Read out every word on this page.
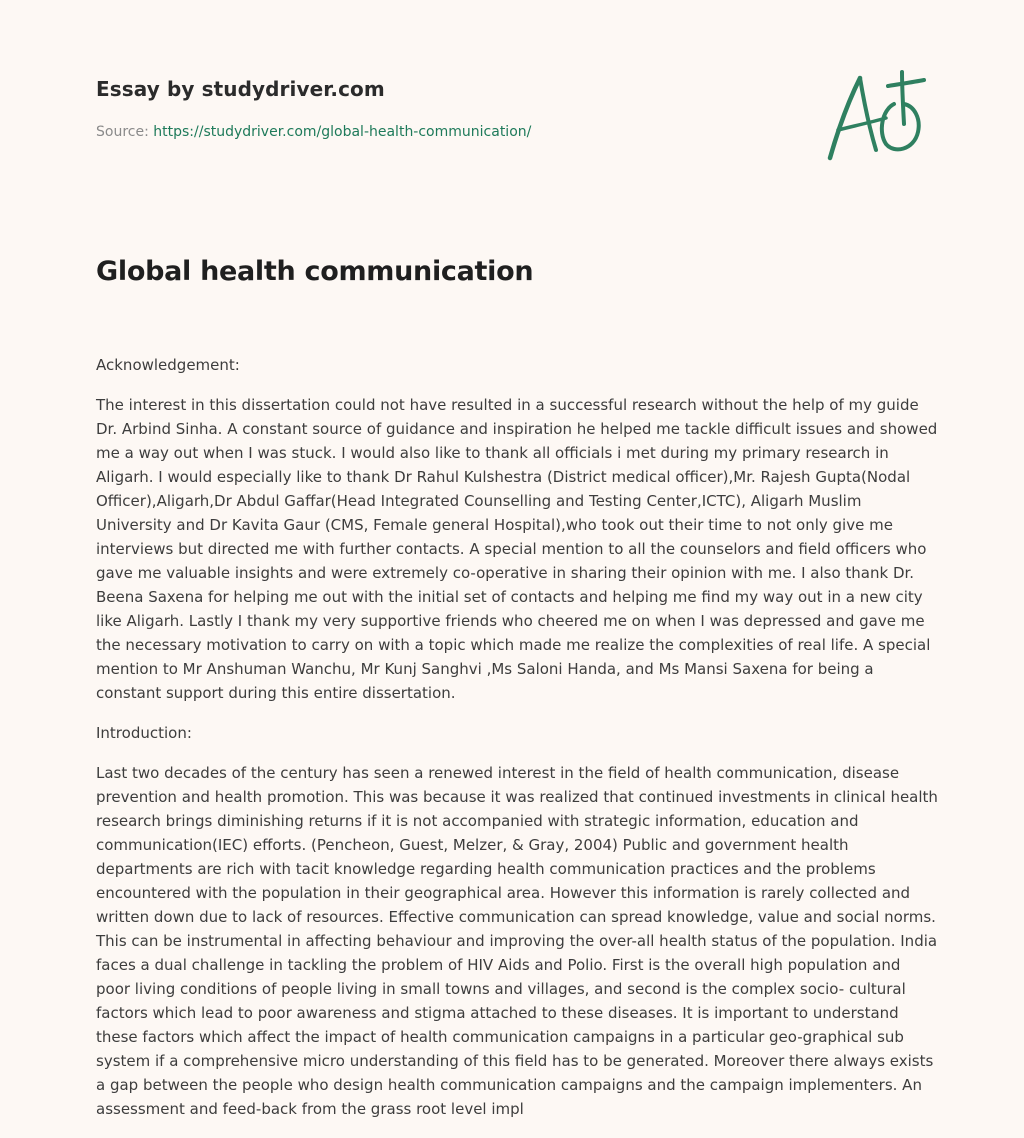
Essay by studydriver.com
Source: https://studydriver.com/global-health-communication/
Global health communication

Acknowledgement:

The interest in this dissertation could not have resulted in a successful research without the help of my guide Dr. Arbind Sinha. A constant source of guidance and inspiration he helped me tackle difficult issues and showed me a way out when I was stuck. I would also like to thank all officials i met during my primary research in Aligarh. I would especially like to thank Dr Rahul Kulshestra (District medical officer),Mr. Rajesh Gupta(Nodal Officer),Aligarh,Dr Abdul Gaffar(Head Integrated Counselling and Testing Center,ICTC), Aligarh Muslim University and Dr Kavita Gaur (CMS, Female general Hospital),who took out their time to not only give me interviews but directed me with further contacts. A special mention to all the counselors and field officers who gave me valuable insights and were extremely co-operative in sharing their opinion with me. I also thank Dr. Beena Saxena for helping me out with the initial set of contacts and helping me find my way out in a new city like Aligarh. Lastly I thank my very supportive friends who cheered me on when I was depressed and gave me the necessary motivation to carry on with a topic which made me realize the complexities of real life. A special mention to Mr Anshuman Wanchu, Mr Kunj Sanghvi ,Ms Saloni Handa, and Ms Mansi Saxena for being a constant support during this entire dissertation.

Introduction:

Last two decades of the century has seen a renewed interest in the field of health communication, disease prevention and health promotion. This was because it was realized that continued investments in clinical health research brings diminishing returns if it is not accompanied with strategic information, education and communication(IEC) efforts. (Pencheon, Guest, Melzer, & Gray, 2004) Public and government health departments are rich with tacit knowledge regarding health communication practices and the problems encountered with the population in their geographical area. However this information is rarely collected and written down due to lack of resources. Effective communication can spread knowledge, value and social norms. This can be instrumental in affecting behaviour and improving the over-all health status of the population. India faces a dual challenge in tackling the problem of HIV Aids and Polio. First is the overall high population and poor living conditions of people living in small towns and villages, and second is the complex socio- cultural factors which lead to poor awareness and stigma attached to these diseases. It is important to understand these factors which affect the impact of health communication campaigns in a particular geo-graphical sub system if a comprehensive micro understanding of this field has to be generated. Moreover there always exists a gap between the people who design health communication campaigns and the campaign implementers. An assessment and feed-back from the grass root level impl
